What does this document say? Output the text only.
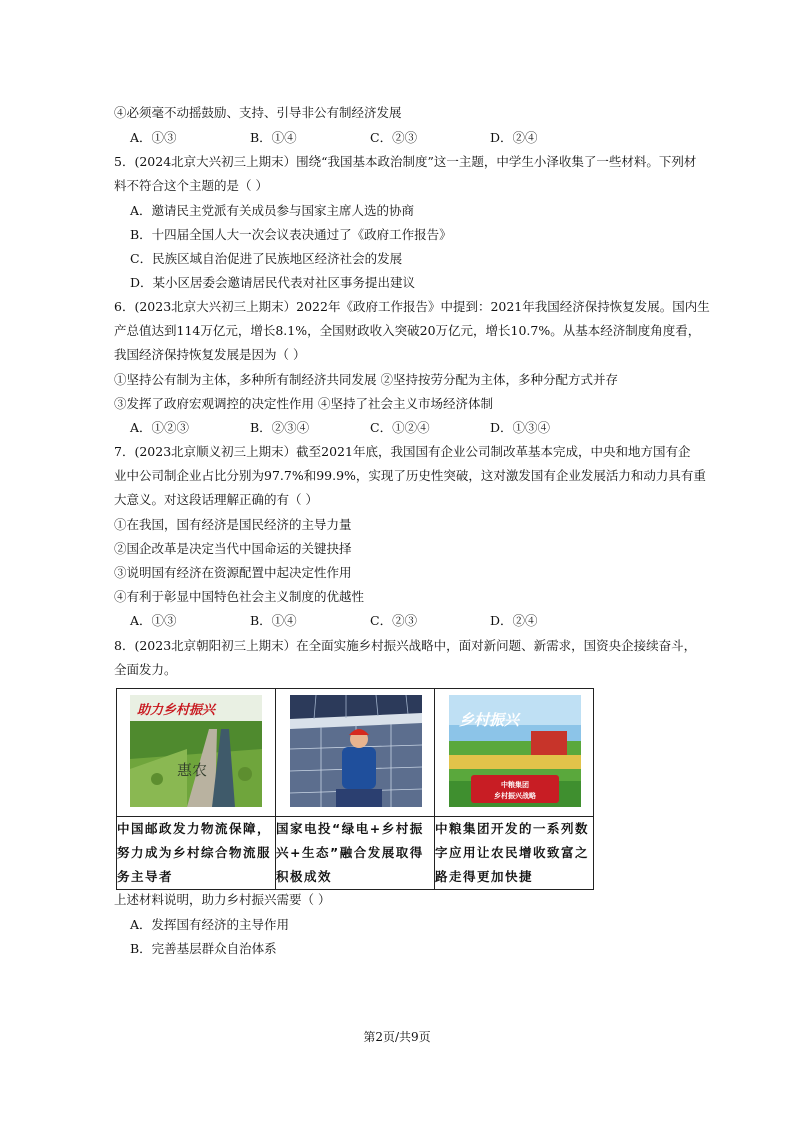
④必须毫不动摇鼓励、支持、引导非公有制经济发展
A．①③	B．①④	C．②③	D．②④
5．(2024北京大兴初三上期末）围绕“我国基本政治制度”这一主题，中学生小泽收集了一些材料。下列材
料不符合这个主题的是（ ）
A．邀请民主党派有关成员参与国家主席人选的协商
B．十四届全国人大一次会议表决通过了《政府工作报告》
C．民族区域自治促进了民族地区经济社会的发展
D．某小区居委会邀请居民代表对社区事务提出建议
6．(2023北京大兴初三上期末）2022年《政府工作报告》中提到：2021年我国经济保持恢复发展。国内生
产总值达到114万亿元，增长8.1%，全国财政收入突破20万亿元，增长10.7%。从基本经济制度角度看，
我国经济保持恢复发展是因为（ ）
①坚持公有制为主体，多种所有制经济共同发展 ②坚持按劳分配为主体，多种分配方式并存
③发挥了政府宏观调控的决定性作用 ④坚持了社会主义市场经济体制
A．①②③	B．②③④	C．①②④	D．①③④
7．(2023北京顺义初三上期末）截至2021年底，我国国有企业公司制改革基本完成，中央和地方国有企
业中公司制企业占比分别为97.7%和99.9%，实现了历史性突破，这对激发国有企业发展活力和动力具有重
大意义。对这段话理解正确的有（ ）
①在我国，国有经济是国民经济的主导力量
②国企改革是决定当代中国命运的关键抉择
③说明国有经济在资源配置中起决定性作用
④有利于彰显中国特色社会主义制度的优越性
A．①③	B．①④	C．②③	D．②④
8．(2023北京朝阳初三上期末）在全面实施乡村振兴战略中，面对新问题、新需求，国资央企接续奋斗，
全面发力。
助力乡村振兴
惠农		乡村振兴
中粮集团
乡村振兴战略

中国邮政发力物流保障，努力成为乡村综合物流服务主导者	国家电投“绿电+乡村振兴+生态”融合发展取得积极成效	中粮集团开发的一系列数字应用让农民增收致富之路走得更加快捷
上述材料说明，助力乡村振兴需要（ ）
A．发挥国有经济的主导作用
B．完善基层群众自治体系
第2页/共9页
